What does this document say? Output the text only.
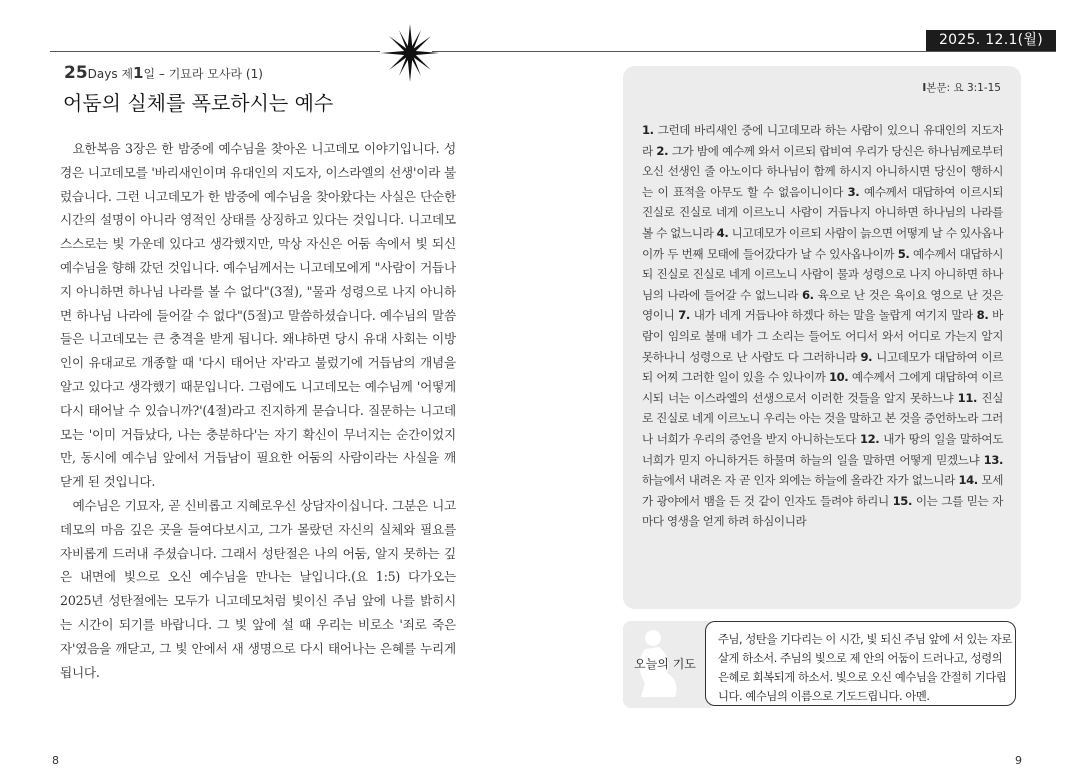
2025. 12.1(월)
25Days 제1일 – 기묘라 모사라 (1)
어둠의 실체를 폭로하시는 예수

요한복음 3장은 한 밤중에 예수님을 찾아온 니고데모 이야기입니다. 성경은 니고데모를 '바리새인이며 유대인의 지도자, 이스라엘의 선생'이라 불렀습니다. 그런 니고데모가 한 밤중에 예수님을 찾아왔다는 사실은 단순한 시간의 설명이 아니라 영적인 상태를 상징하고 있다는 것입니다. 니고데모 스스로는 빛 가운데 있다고 생각했지만, 막상 자신은 어둠 속에서 빛 되신 예수님을 향해 갔던 것입니다. 예수님께서는 니고데모에게 "사람이 거듭나지 아니하면 하나님 나라를 볼 수 없다"(3절), "물과 성령으로 나지 아니하면 하나님 나라에 들어갈 수 없다"(5절)고 말씀하셨습니다. 예수님의 말씀들은 니고데모는 큰 충격을 받게 됩니다. 왜냐하면 당시 유대 사회는 이방인이 유대교로 개종할 때 '다시 태어난 자'라고 불렀기에 거듭남의 개념을 알고 있다고 생각했기 때문입니다. 그럼에도 니고데모는 예수님께 '어떻게 다시 태어날 수 있습니까?'(4절)라고 진지하게 묻습니다. 질문하는 니고데모는 '이미 거듭났다, 나는 충분하다'는 자기 확신이 무너지는 순간이었지만, 동시에 예수님 앞에서 거듭남이 필요한 어둠의 사람이라는 사실을 깨닫게 된 것입니다.

예수님은 기묘자, 곧 신비롭고 지혜로우신 상담자이십니다. 그분은 니고데모의 마음 깊은 곳을 들여다보시고, 그가 몰랐던 자신의 실체와 필요를 자비롭게 드러내 주셨습니다. 그래서 성탄절은 나의 어둠, 알지 못하는 깊은 내면에 빛으로 오신 예수님을 만나는 날입니다.(요 1:5) 다가오는 2025년 성탄절에는 모두가 니고데모처럼 빛이신 주님 앞에 나를 밝히시는 시간이 되기를 바랍니다. 그 빛 앞에 설 때 우리는 비로소 '죄로 죽은 자'였음을 깨닫고, 그 빛 안에서 새 생명으로 다시 태어나는 은혜를 누리게 됩니다.

I본문: 요 3:1-15
1. 그런데 바리새인 중에 니고데모라 하는 사람이 있으니 유대인의 지도자라 2. 그가 밤에 예수께 와서 이르되 랍비여 우리가 당신은 하나님께로부터 오신 선생인 줄 아노이다 하나님이 함께 하시지 아니하시면 당신이 행하시는 이 표적을 아무도 할 수 없음이니이다 3. 예수께서 대답하여 이르시되 진실로 진실로 네게 이르노니 사람이 거듭나지 아니하면 하나님의 나라를 볼 수 없느니라 4. 니고데모가 이르되 사람이 늙으면 어떻게 날 수 있사옵나이까 두 번째 모태에 들어갔다가 날 수 있사옵나이까 5. 예수께서 대답하시되 진실로 진실로 네게 이르노니 사람이 물과 성령으로 나지 아니하면 하나님의 나라에 들어갈 수 없느니라 6. 육으로 난 것은 육이요 영으로 난 것은 영이니 7. 내가 네게 거듭나야 하겠다 하는 말을 놀랍게 여기지 말라 8. 바람이 임의로 불매 네가 그 소리는 들어도 어디서 와서 어디로 가는지 알지 못하나니 성령으로 난 사람도 다 그러하니라 9. 니고데모가 대답하여 이르되 어찌 그러한 일이 있을 수 있나이까 10. 예수께서 그에게 대답하여 이르시되 너는 이스라엘의 선생으로서 이러한 것들을 알지 못하느냐 11. 진실로 진실로 네게 이르노니 우리는 아는 것을 말하고 본 것을 증언하노라 그러나 너희가 우리의 증언을 받지 아니하는도다 12. 내가 땅의 일을 말하여도 너희가 믿지 아니하거든 하물며 하늘의 일을 말하면 어떻게 믿겠느냐 13. 하늘에서 내려온 자 곧 인자 외에는 하늘에 올라간 자가 없느니라 14. 모세가 광야에서 뱀을 든 것 같이 인자도 들려야 하리니 15. 이는 그를 믿는 자마다 영생을 얻게 하려 하심이니라
오늘의 기도
주님, 성탄을 기다리는 이 시간, 빛 되신 주님 앞에 서 있는 자로 살게 하소서. 주님의 빛으로 제 안의 어둠이 드러나고, 성령의 은혜로 회복되게 하소서. 빛으로 오신 예수님을 간절히 기다립니다. 예수님의 이름으로 기도드립니다. 아멘.
8	9
